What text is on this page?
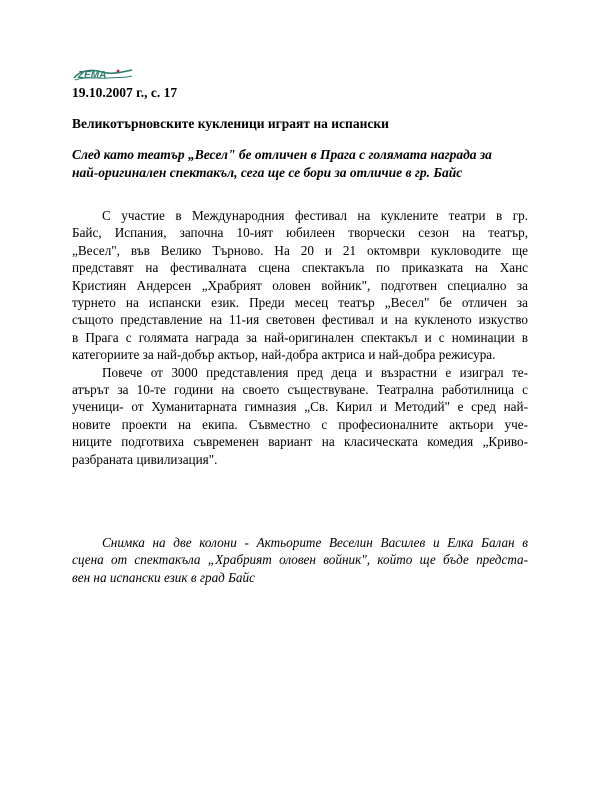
ZEMA
19.10.2007 г., с. 17
Великотърновските кукленици играят на испански
След като театър „Весел" бе отличен в Прага с голямата награда за
най-оригинален спектакъл, сега ще се бори за отличие в гр. Байс
С участие в Международния фестивал на куклените театри в гр.
Байс, Испания, започна 10-ият юбилеен творчески сезон на театър,
„Весел", във Велико Търново. На 20 и 21 октомври кукловодите ще
представят на фестивалната сцена спектакъла по приказката на Ханс
Кристиян Андерсен „Храбрият оловен войник", подготвен специално за
турнето на испански език. Преди месец театър „Весел" бе отличен за
същото представление на 11-ия световен фестивал и на кукленото изкуство
в Прага с голямата награда за най-оригинален спектакъл и с номинации в
категориите за най-добър актьор, най-добра актриса и най-добра режисура.
Повече от 3000 представления пред деца и възрастни е изиграл те-
атърът за 10-те години на своето съществуване. Театрална работилница с
ученици- от Хуманитарната гимназия „Св. Кирил и Методий" е сред най-
новите проекти на екипа. Съвместно с професионалните актьори уче-
ниците подготвиха съвременен вариант на класическата комедия „Криво-
разбраната цивилизация".
Снимка на две колони - Актьорите Веселин Василев и Елка Балан в
сцена от спектакъла „Храбрият оловен войник", който ще бъде предста-
вен на испански език в град Байс
